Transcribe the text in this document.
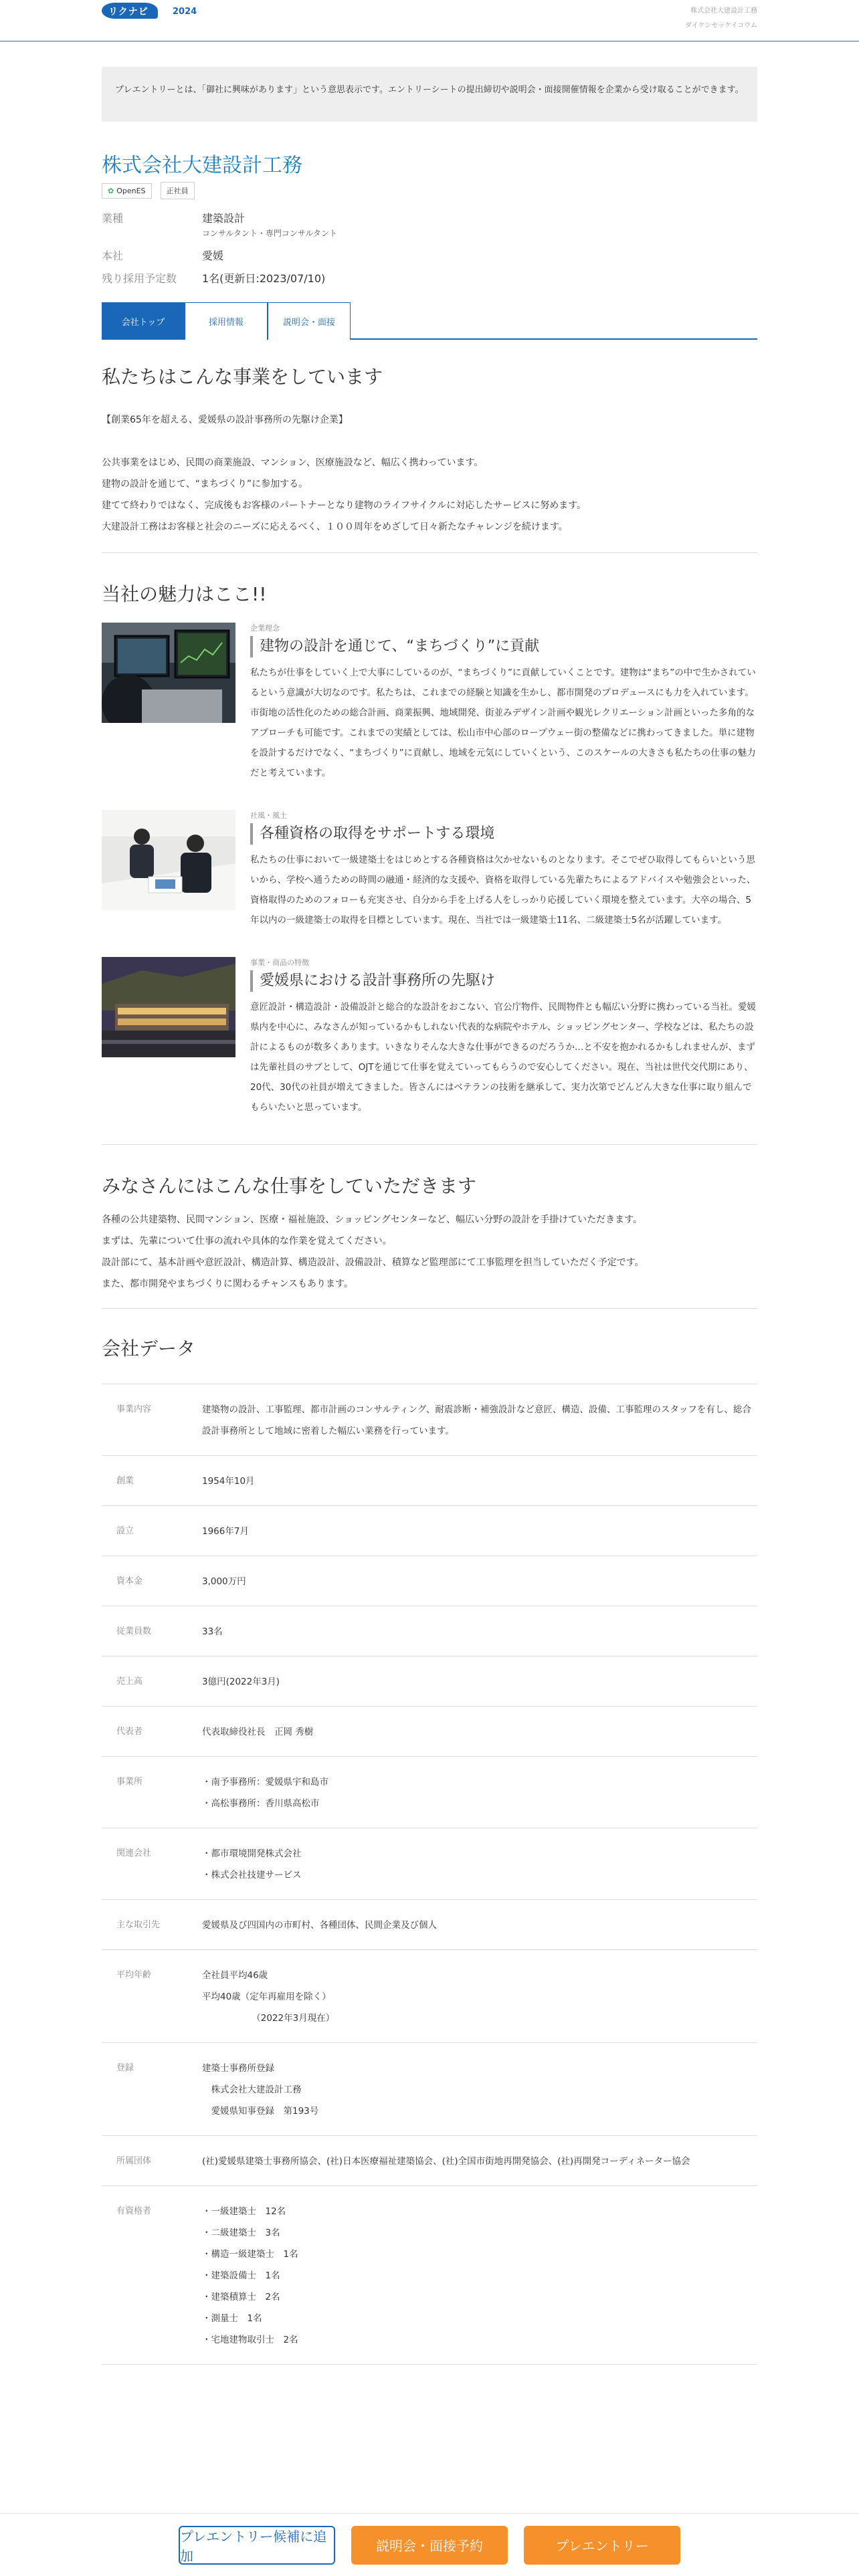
リクナビ	2024	株式会社大建設計工務
ダイケンセッケイコウム
プレエントリーとは、「御社に興味があります」という意思表示です。エントリーシートの提出締切や説明会・面接開催情報を企業から受け取ることができます。
株式会社大建設計工務
✿ OpenES	正社員
業種	建築設計
コンサルタント・専門コンサルタント
本社	愛媛
残り採用予定数	1名(更新日:2023/07/10)
会社トップ	採用情報	説明会・面接
私たちはこんな事業をしています

【創業65年を超える、愛媛県の設計事務所の先駆け企業】

公共事業をはじめ、民間の商業施設、マンション、医療施設など、幅広く携わっています。

建物の設計を通じて、“まちづくり”に参加する。

建てて終わりではなく、完成後もお客様のパートナーとなり建物のライフサイクルに対応したサービスに努めます。

大建設計工務はお客様と社会のニーズに応えるべく、１００周年をめざして日々新たなチャレンジを続けます。

当社の魅力はここ!!
企業理念
建物の設計を通じて、“まちづくり”に貢献

私たちが仕事をしていく上で大事にしているのが、“まちづくり”に貢献していくことです。建物は“まち”の中で生かされているという意識が大切なのです。私たちは、これまでの経験と知識を生かし、都市開発のプロデュースにも力を入れています。市街地の活性化のための総合計画、商業振興、地域開発、街並みデザイン計画や観光レクリエーション計画といった多角的なアプローチも可能です。これまでの実績としては、松山市中心部のロープウェー街の整備などに携わってきました。単に建物を設計するだけでなく、“まちづくり”に貢献し、地域を元気にしていくという、このスケールの大きさも私たちの仕事の魅力だと考えています。

社風・風土
各種資格の取得をサポートする環境

私たちの仕事において一級建築士をはじめとする各種資格は欠かせないものとなります。そこでぜひ取得してもらいという思いから、学校へ通うための時間の融通・経済的な支援や、資格を取得している先輩たちによるアドバイスや勉強会といった、資格取得のためのフォローも充実させ、自分から手を上げる人をしっかり応援していく環境を整えています。大卒の場合、5年以内の一級建築士の取得を目標としています。現在、当社では一級建築士11名、二級建築士5名が活躍しています。

事業・商品の特徴
愛媛県における設計事務所の先駆け

意匠設計・構造設計・設備設計と総合的な設計をおこない、官公庁物件、民間物件とも幅広い分野に携わっている当社。愛媛県内を中心に、みなさんが知っているかもしれない代表的な病院やホテル、ショッピングセンター、学校などは、私たちの設計によるものが数多くあります。いきなりそんな大きな仕事ができるのだろうか…と不安を抱かれるかもしれませんが、まずは先輩社員のサブとして、OJTを通じて仕事を覚えていってもらうので安心してください。現在、当社は世代交代期にあり、20代、30代の社員が増えてきました。皆さんにはベテランの技術を継承して、実力次第でどんどん大きな仕事に取り組んでもらいたいと思っています。

みなさんにはこんな仕事をしていただきます

各種の公共建築物、民間マンション、医療・福祉施設、ショッピングセンターなど、幅広い分野の設計を手掛けていただきます。

まずは、先輩について仕事の流れや具体的な作業を覚えてください。

設計部にて、基本計画や意匠設計、構造計算、構造設計、設備設計、積算など監理部にて工事監理を担当していただく予定です。

また、都市開発やまちづくりに関わるチャンスもあります。

会社データ
事業内容	建築物の設計、工事監理、都市計画のコンサルティング、耐震診断・補強設計など意匠、構造、設備、工事監理のスタッフを有し、総合設計事務所として地域に密着した幅広い業務を行っています。
創業	1954年10月
設立	1966年7月
資本金	3,000万円
従業員数	33名
売上高	3億円(2022年3月)
代表者	代表取締役社長　正岡 秀樹
事業所	・南予事務所：愛媛県宇和島市
・高松事務所：香川県高松市
関連会社	・都市環境開発株式会社
・株式会社技建サービス
主な取引先	愛媛県及び四国内の市町村、各種団体、民間企業及び個人
平均年齢	全社員平均46歳
平均40歳（定年再雇用を除く）
　　　　　　（2022年3月現在）
登録	建築士事務所登録
　株式会社大建設計工務
　愛媛県知事登録　第193号
所属団体	(社)愛媛県建築士事務所協会、(社)日本医療福祉建築協会、(社)全国市街地再開発協会、(社)再開発コーディネーター協会
有資格者	・一級建築士　12名
・二級建築士　3名
・構造一級建築士　1名
・建築設備士　1名
・建築積算士　2名
・測量士　1名
・宅地建物取引士　2名
プレエントリー候補に追加
説明会・面接予約	プレエントリー
